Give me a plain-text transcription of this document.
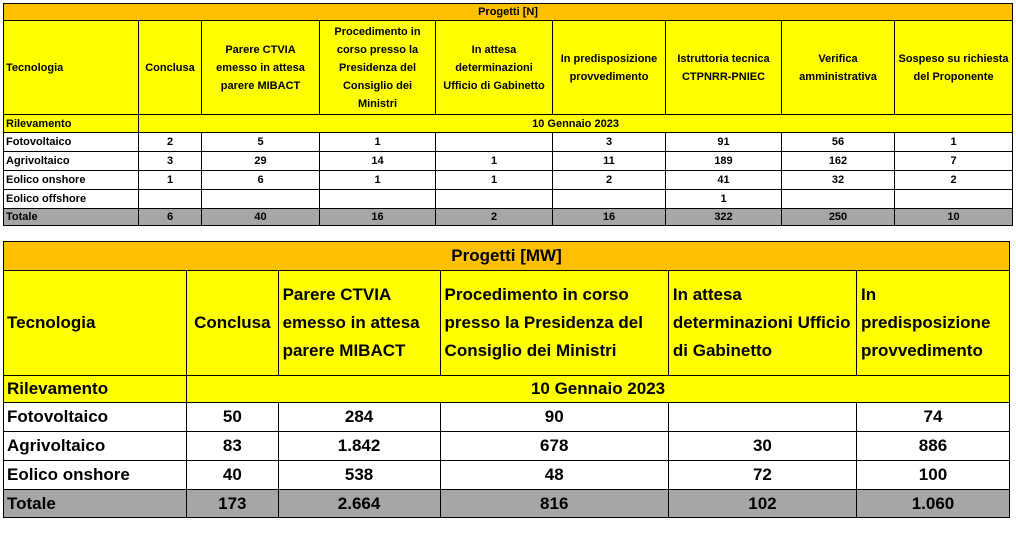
Progetti [N]								
Tecnologia	Conclusa	Parere CTVIA emesso in attesa parere MIBACT	Procedimento in corso presso la Presidenza del Consiglio dei Ministri	In attesa determinazioni Ufficio di Gabinetto	In predisposizione provvedimento	Istruttoria tecnica CTPNRR-PNIEC	Verifica amministrativa	Sospeso su richiesta del Proponente
Rilevamento	10 Gennaio 2023							
Fotovoltaico	2	5	1		3	91	56	1
Agrivoltaico	3	29	14	1	11	189	162	7
Eolico onshore	1	6	1	1	2	41	32	2
Eolico offshore						1		
Totale	6	40	16	2	16	322	250	10
Progetti [MW]					
Tecnologia	Conclusa	Parere CTVIA emesso in attesa parere MIBACT	Procedimento in corso presso la Presidenza del Consiglio dei Ministri	In attesa determinazioni Ufficio di Gabinetto	In predisposizione provvedimento
Rilevamento	10 Gennaio 2023				
Fotovoltaico	50	284	90		74
Agrivoltaico	83	1.842	678	30	886
Eolico onshore	40	538	48	72	100
Totale	173	2.664	816	102	1.060
